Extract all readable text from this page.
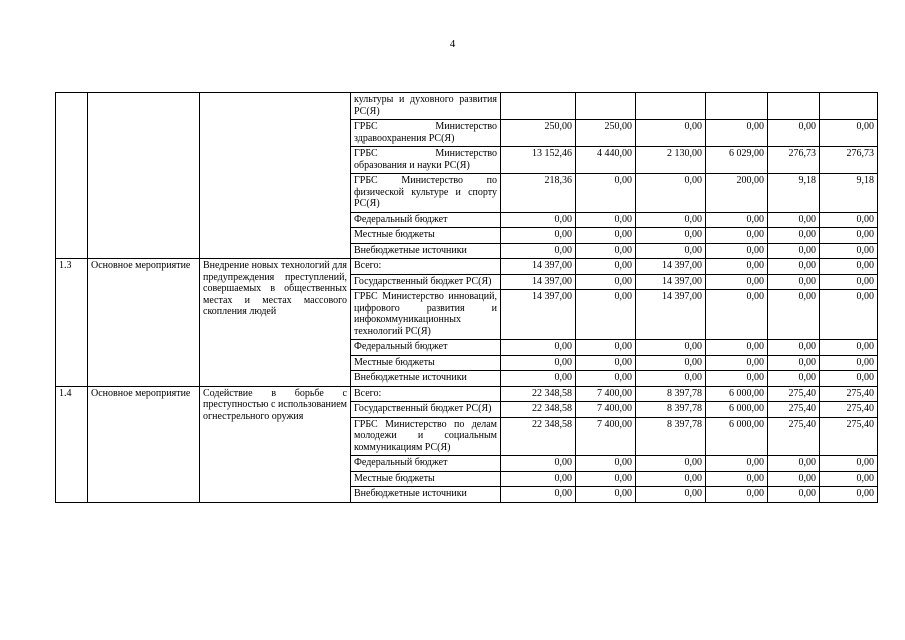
4
			культуры и духовного развития РС(Я)						
			ГРБС Министерство здравоохранения РС(Я)	250,00	250,00	0,00	0,00	0,00	0,00
			ГРБС Министерство образования и науки РС(Я)	13 152,46	4 440,00	2 130,00	6 029,00	276,73	276,73
			ГРБС Министерство по физической культуре и спорту РС(Я)	218,36	0,00	0,00	200,00	9,18	9,18
			Федеральный бюджет	0,00	0,00	0,00	0,00	0,00	0,00
			Местные бюджеты	0,00	0,00	0,00	0,00	0,00	0,00
			Внебюджетные источники	0,00	0,00	0,00	0,00	0,00	0,00
1.3	Основное мероприятие	Внедрение новых технологий для предупреждения преступлений, совершаемых в общественных местах и местах массового скопления людей	Всего:	14 397,00	0,00	14 397,00	0,00	0,00	0,00
			Государственный бюджет РС(Я)	14 397,00	0,00	14 397,00	0,00	0,00	0,00
			ГРБС Министерство инноваций, цифрового развития и инфокоммуникационных технологий РС(Я)	14 397,00	0,00	14 397,00	0,00	0,00	0,00
			Федеральный бюджет	0,00	0,00	0,00	0,00	0,00	0,00
			Местные бюджеты	0,00	0,00	0,00	0,00	0,00	0,00
			Внебюджетные источники	0,00	0,00	0,00	0,00	0,00	0,00
1.4	Основное мероприятие	Содействие в борьбе с преступностью с использованием огнестрельного оружия	Всего:	22 348,58	7 400,00	8 397,78	6 000,00	275,40	275,40
			Государственный бюджет РС(Я)	22 348,58	7 400,00	8 397,78	6 000,00	275,40	275,40
			ГРБС Министерство по делам молодежи и социальным коммуникациям РС(Я)	22 348,58	7 400,00	8 397,78	6 000,00	275,40	275,40
			Федеральный бюджет	0,00	0,00	0,00	0,00	0,00	0,00
			Местные бюджеты	0,00	0,00	0,00	0,00	0,00	0,00
			Внебюджетные источники	0,00	0,00	0,00	0,00	0,00	0,00
